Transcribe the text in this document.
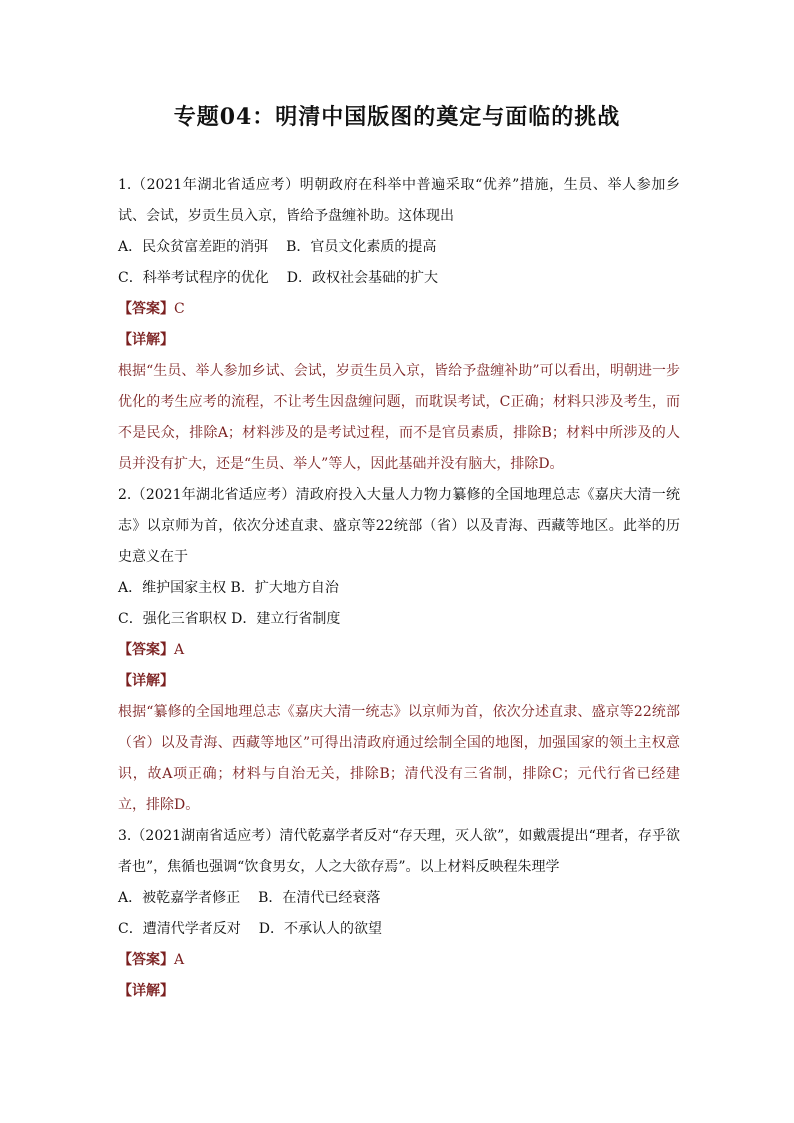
专题04：明清中国版图的奠定与面临的挑战
1.（2021年湖北省适应考）明朝政府在科举中普遍采取“优养”措施，生员、举人参加乡试、会试，岁贡生员入京，皆给予盘缠补助。这体现出
A．民众贫富差距的消弭 B．官员文化素质的提高
C．科举考试程序的优化 D．政权社会基础的扩大
【答案】C
【详解】
根据“生员、举人参加乡试、会试，岁贡生员入京，皆给予盘缠补助”可以看出，明朝进一步优化的考生应考的流程，不让考生因盘缠问题，而耽误考试，C正确；材料只涉及考生，而不是民众，排除A；材料涉及的是考试过程，而不是官员素质，排除B；材料中所涉及的人员并没有扩大，还是“生员、举人”等人，因此基础并没有脑大，排除D。
2.（2021年湖北省适应考）清政府投入大量人力物力纂修的全国地理总志《嘉庆大清一统志》以京师为首，依次分述直隶、盛京等22统部（省）以及青海、西藏等地区。此举的历史意义在于
A．维护国家主权 B．扩大地方自治
C．强化三省职权 D．建立行省制度
【答案】A
【详解】
根据“纂修的全国地理总志《嘉庆大清一统志》以京师为首，依次分述直隶、盛京等22统部（省）以及青海、西藏等地区”可得出清政府通过绘制全国的地图，加强国家的领土主权意识，故A项正确；材料与自治无关，排除B；清代没有三省制，排除C；元代行省已经建立，排除D。
3.（2021湖南省适应考）清代乾嘉学者反对“存天理，灭人欲”，如戴震提出“理者，存乎欲者也”，焦循也强调“饮食男女，人之大欲存焉”。以上材料反映程朱理学
A．被乾嘉学者修正 B．在清代已经衰落
C．遭清代学者反对 D．不承认人的欲望
【答案】A
【详解】
